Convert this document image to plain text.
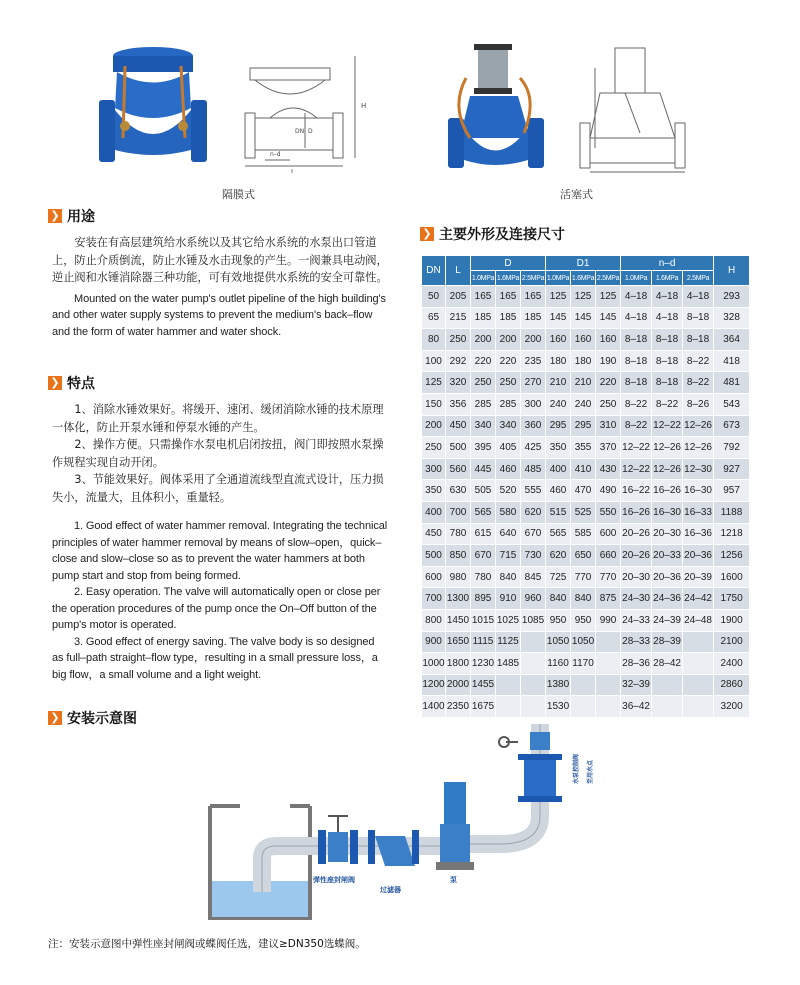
L
H
D
DN
n–d
隔膜式	活塞式
❯ 用途

安装在有高层建筑给水系统以及其它给水系统的水泵出口管道上，防止介质倒流，防止水锤及水击现象的产生。一阀兼具电动阀，逆止阀和水锤消除器三种功能，可有效地提供水系统的安全可靠性。

Mounted on the water pump's outlet pipeline of the high building's and other water supply systems to prevent the medium's back–flow and the form of water hammer and water shock.

❯ 特点

1、消除水锤效果好。将缓开、速闭、缓闭消除水锤的技术原理一体化，防止开泵水锤和停泵水锤的产生。

2、操作方便。只需操作水泵电机启闭按扭，阀门即按照水泵操作规程实现自动开闭。

3、节能效果好。阀体采用了全通道流线型直流式设计，压力损失小，流量大，且体积小，重量轻。

1. Good effect of water hammer removal. Integrating the technical principles of water hammer removal by means of slow–open，quick–close and slow–close so as to prevent the water hammers at both pump start and stop from being formed.

2. Easy operation. The valve will automatically open or close per the operation procedures of the pump once the On–Off button of the pump's motor is operated.

3. Good effect of energy saving. The valve body is so designed as full–path straight–flow type，resulting in a small pressure loss，a big flow，a small volume and a light weight.

❯ 主要外形及连接尺寸
DN	L	D			D1			n–d			H
		1.0MPa	1.6MPa	2.5MPa	1.0MPa	1.6MPa	2.5MPa	1.0MPa	1.6MPa	2.5MPa	
50	205	165	165	165	125	125	125	4–18	4–18	4–18	293
65	215	185	185	185	145	145	145	4–18	4–18	8–18	328
80	250	200	200	200	160	160	160	8–18	8–18	8–18	364
100	292	220	220	235	180	180	190	8–18	8–18	8–22	418
125	320	250	250	270	210	210	220	8–18	8–18	8–22	481
150	356	285	285	300	240	240	250	8–22	8–22	8–26	543
200	450	340	340	360	295	295	310	8–22	12–22	12–26	673
250	500	395	405	425	350	355	370	12–22	12–26	12–26	792
300	560	445	460	485	400	410	430	12–22	12–26	12–30	927
350	630	505	520	555	460	470	490	16–22	16–26	16–30	957
400	700	565	580	620	515	525	550	16–26	16–30	16–33	1188
450	780	615	640	670	565	585	600	20–26	20–30	16–36	1218
500	850	670	715	730	620	650	660	20–26	20–33	20–36	1256
600	980	780	840	845	725	770	770	20–30	20–36	20–39	1600
700	1300	895	910	960	840	840	875	24–30	24–36	24–42	1750
800	1450	1015	1025	1085	950	950	990	24–33	24–39	24–48	1900
900	1650	1115	1125		1050	1050		28–33	28–39		2100
1000	1800	1230	1485		1160	1170		28–36	28–42		2400
1200	2000	1455			1380			32–39			2860
1400	2350	1675			1530			36–42			3200
❯ 安装示意图
弹性座封闸阀
过滤器
泵
水泵控制阀 至用水点
注：安装示意图中弹性座封闸阀或蝶阀任选，建议≥DN350选蝶阀。
